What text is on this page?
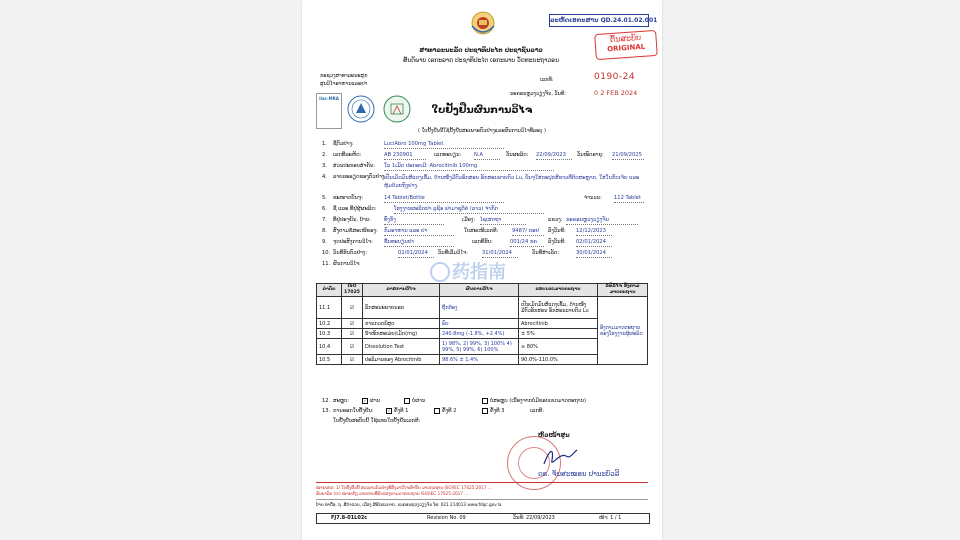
ລະຫັດເອກະສານ QD.24.01.02.001
ຕົ້ນສະບັບ
ORIGINAL
ສາທາລະນະລັດ ປະຊາທິປະໄຕ ປະຊາຊົນລາວ
ສັນຕິພາບ ເອກະລາດ ປະຊາທິປະໄຕ ເອກະພາບ ວັດທະນະຖາວອນ
ກະຊວງສາທາລະນະສຸກ
ສູນວິໄຈອາຫານແລະຢາ
ເລກທີ:	0190-24
ນະຄອນຫຼວງວຽງຈັນ, ວັນທີ:	0 2 FEB 2024
ilac-MRA
ໃບຢັ້ງຢືນຜົນການວິໄຈ
( ໃບຢັ້ງຢືນນີ້ໃຊ້ຢັ້ງຢືນສະເພາະຕົວຢ່າງແລະຜົນການວິໄຈທີ່ລະບຸ )
1.	ຊື່ຕົວຢ່າງ:	LuciAbro 100mg Tablet
2.	ເລກທີ່ລະຫັດ:	AB 230901	ເລກທະບຽນ: N.A	ວັນຜະລິດ: 22/09/2023	ວັນໝົດອາຍຸ: 21/09/2025
3.	ສ່ວນປະກອບສຳຄັນ: ໃນ 1ເມັດ ປະກອບມີ: Abrocitinib 100mg
4.	ລາຍລະອຽດຂອງຕົວຢ່າງ:
ເປັນເມັດມົນສີແດງເຂັ້ມ, ດ້ານໜຶ່ງມີຕົວອັກສອນ ອັກສອນລາຍຕົວ Lu, ບັນຈຸໃສ່ກະປຸກສີຂາວທີ່ຕິດສະຫຼາກ, ໃສ່ໃນກັບເຈ້ຍ ແລະ ຫຸ້ມດ້ວຍຖົງຢາງ.
5.	ຂະໜາດບັນຈຸ:	14 Tablet/Bottle	ຈຳນວນ: 112 Tablet
6.	ຊື່ ແລະ ທີ່ຢູ່ຜູ້ຜະລິດ:	ໂຮງງານຜະລິດຢາ ລູຊິອ ຟາມາຊູຕິຄໍ (ລາວ) ຈຳກັດ
7.	ທີ່ຢູ່ປະຈຸບັນ, ບ້ານ:	ທົ່ງກັງ	ເມືອງ: ໄຊເສດຖາ	ແຂວງ: ນະຄອນຫຼວງວຽງຈັນ
8.	ສົ່ງຕາມຂໍ້ສະເໜີຂອງ: ກົມອາຫານ ແລະ ຢາ	ໃບສະເໜີເລກທີ:	9487/ ກອຢ	ລົງວັນທີ: 12/12/2023
9.	ຈຸດປະສົງການວິໄຈ: ຂຶ້ນທະບຽນຢາ	ເລກທີ່ຮັບ:	001/24 ກຄ	ລົງວັນທີ: 02/01/2024
10. ວັນທີ່ຮັບຕົວຢ່າງ:	02/01/2024	ວັນທີ່ເລີ່ມວິໄຈ:	31/01/2024	ວັນທີ່ສຳເລັດ:	30/01/2024
11. ຜົນການວິໄຈ:	药指南
ລຳດັບ	ISO 17025	ລາຍການວິໄຈ	ຜົນການວິໄຈ	ຂອບເຂດມາດຕະຖານ	ວິທີວິໄຈ ອີງຕາມມາດຕະຖານ
11.1	☑	ລັກສະນະພາຍນອກ	ຖືກຕ້ອງ	ເປັນເມັດມົນສີແດງເຂັ້ມ, ດ້ານໜຶ່ງມີຕົວອັກສອນ ອັກສອນລາຍຕົວ Lu	ອີງຕາມມາດຕະຖານຂອງໂຮງງານຜູ້ຜະລິດ
10.2	☑	ການກວດພິສູດ	ພົບ	Abrocitinib	
10.3	☑	ນ້ຳໜັກສະເລ່ຍ/ເມັດ(mg)	240.8mg (-1.8%, +2.4%)	± 5%	
10.4	☑	Dissolution Test	1) 98%, 2) 99%, 3) 100% 4) 99%, 5) 99%, 6) 100%	≥ 80%	
10.5	☑	ປະລິມານຂອງ Abrocitinib	98.6% ± 1.4%	90.0%-110.0%	
12. ສະຫຼຸບ:	✓ ຜ່ານ	ບໍ່ຜ່ານ	ບໍ່ສະຫຼຸບ (ເນື່ອງຈາກບໍ່ມີຂອບເຂດມາດຕະຖານ)
13. ການອອກໃບຢັ້ງຢືນ:	✓ ຄັ້ງທີ 1	ຄັ້ງທີ 2	ຄັ້ງທີ 3	ເລກທີ:
ໃບຢັ້ງຢືນສະບັບນີ້ ໃຊ້ແທນໃບຢັ້ງຢືນເລກທີ:
ຫົວໜ້າສູນ
ດຣ. ຈັນສະໝອນ ປານະບົວລີ
ໝາຍເຫດ: 1/ ໃບຢັ້ງຢືນນີ້ ສະເພາະຕົວຢ່າງທີ່ສົ່ງມາວິໄຈເທົ່ານັ້ນ ມາດຕະຖານ ISO/IEC 17025:2017 ...
ສັນຍາລັກ (☑) ໝາຍເຖິງ ລາຍການທີ່ຮັບຮອງຕາມມາດຕະຖານ ISO/IEC 17025:2017 ...
ບ້ານ ທ່າດື່ອ, ຖ. ສີດຳດວນ, ເມືອງ ສີສັດຕະນາກ, ນະຄອນຫຼວງວຽງຈັນ ໂທ: 021 214013 www.fdqc.gov.la
FJ7.8-01L02c	Revision No. 09	ວັນທີ: 22/09/2023	ໜ້າ: 1 / 1
